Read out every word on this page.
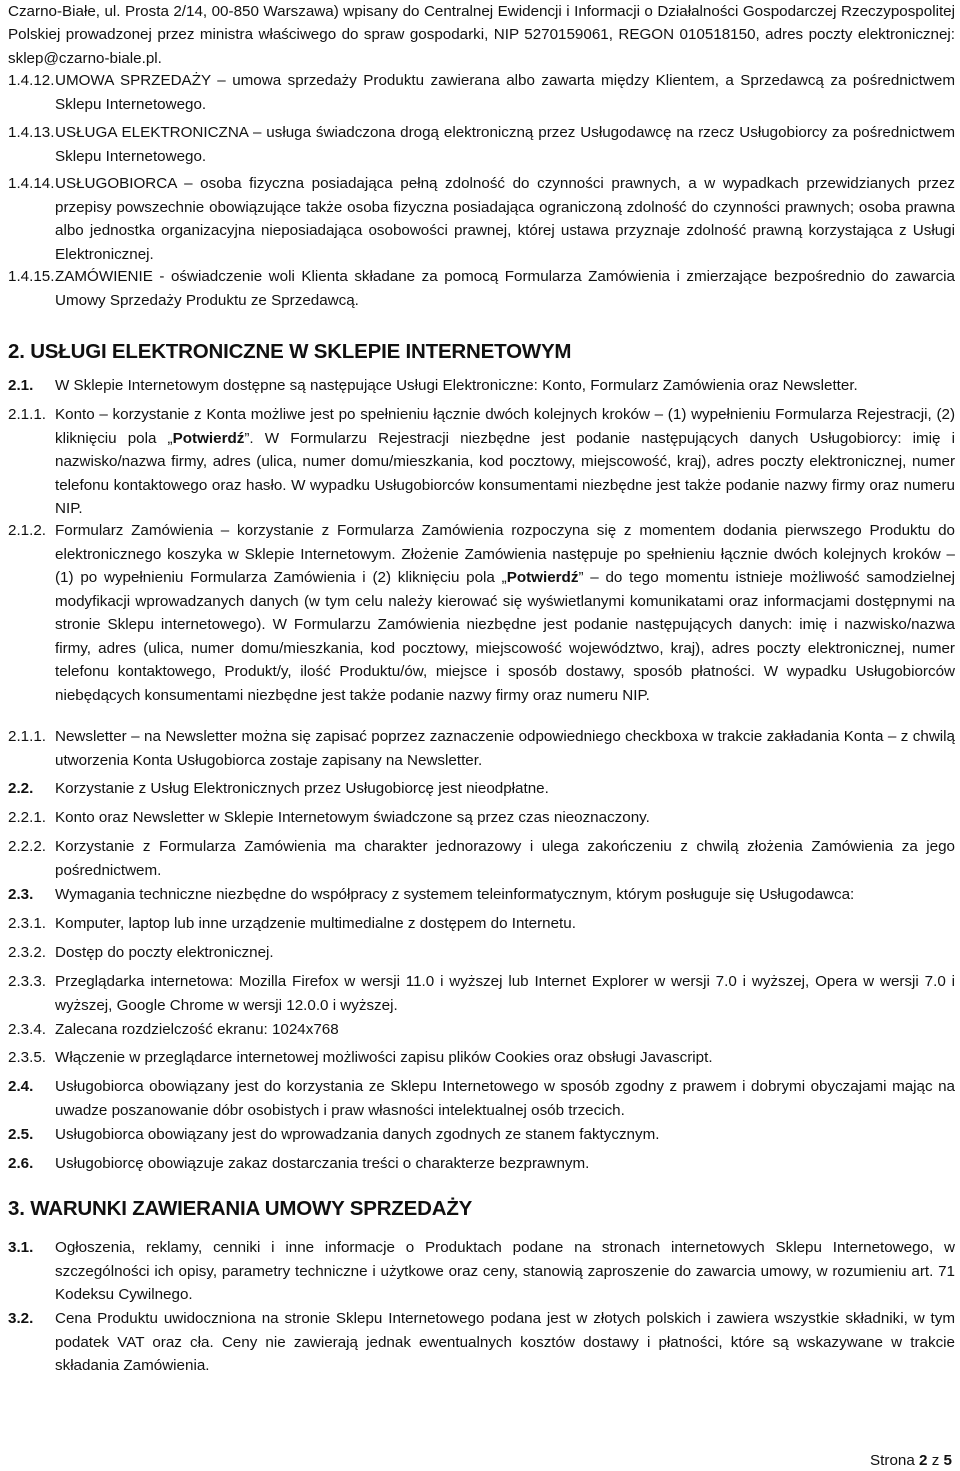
Czarno-Białe, ul. Prosta 2/14, 00-850 Warszawa) wpisany do Centralnej Ewidencji i Informacji o Działalności Gospodarczej Rzeczypospolitej Polskiej prowadzonej przez ministra właściwego do spraw gospodarki, NIP 5270159061, REGON 010518150, adres poczty elektronicznej: sklep@czarno-biale.pl.

1.4.12. UMOWA SPRZEDAŻY – umowa sprzedaży Produktu zawierana albo zawarta między Klientem, a Sprzedawcą za pośrednictwem Sklepu Internetowego.
1.4.13. USŁUGA ELEKTRONICZNA – usługa świadczona drogą elektroniczną przez Usługodawcę na rzecz Usługobiorcy za pośrednictwem Sklepu Internetowego.
1.4.14. USŁUGOBIORCA – osoba fizyczna posiadająca pełną zdolność do czynności prawnych, a w wypadkach przewidzianych przez przepisy powszechnie obowiązujące także osoba fizyczna posiadająca ograniczoną zdolność do czynności prawnych; osoba prawna albo jednostka organizacyjna nieposiadająca osobowości prawnej, której ustawa przyznaje zdolność prawną korzystająca z Usługi Elektronicznej.
1.4.15. ZAMÓWIENIE - oświadczenie woli Klienta składane za pomocą Formularza Zamówienia i zmierzające bezpośrednio do zawarcia Umowy Sprzedaży Produktu ze Sprzedawcą.
2. USŁUGI ELEKTRONICZNE W SKLEPIE INTERNETOWYM
2.1. W Sklepie Internetowym dostępne są następujące Usługi Elektroniczne: Konto, Formularz Zamówienia oraz Newsletter.
2.1.1. Konto – korzystanie z Konta możliwe jest po spełnieniu łącznie dwóch kolejnych kroków – (1) wypełnieniu Formularza Rejestracji, (2) kliknięciu pola „Potwierdź”. W Formularzu Rejestracji niezbędne jest podanie następujących danych Usługobiorcy: imię i nazwisko/nazwa firmy, adres (ulica, numer domu/mieszkania, kod pocztowy, miejscowość, kraj), adres poczty elektronicznej, numer telefonu kontaktowego oraz hasło. W wypadku Usługobiorców konsumentami niezbędne jest także podanie nazwy firmy oraz numeru NIP.
2.1.2. Formularz Zamówienia – korzystanie z Formularza Zamówienia rozpoczyna się z momentem dodania pierwszego Produktu do elektronicznego koszyka w Sklepie Internetowym. Złożenie Zamówienia następuje po spełnieniu łącznie dwóch kolejnych kroków – (1) po wypełnieniu Formularza Zamówienia i (2) kliknięciu pola „Potwierdź” – do tego momentu istnieje możliwość samodzielnej modyfikacji wprowadzanych danych (w tym celu należy kierować się wyświetlanymi komunikatami oraz informacjami dostępnymi na stronie Sklepu internetowego). W Formularzu Zamówienia niezbędne jest podanie następujących danych: imię i nazwisko/nazwa firmy, adres (ulica, numer domu/mieszkania, kod pocztowy, miejscowość województwo, kraj), adres poczty elektronicznej, numer telefonu kontaktowego, Produkt/y, ilość Produktu/ów, miejsce i sposób dostawy, sposób płatności. W wypadku Usługobiorców niebędących konsumentami niezbędne jest także podanie nazwy firmy oraz numeru NIP.
2.1.1. Newsletter – na Newsletter można się zapisać poprzez zaznaczenie odpowiedniego checkboxa w trakcie zakładania Konta – z chwilą utworzenia Konta Usługobiorca zostaje zapisany na Newsletter.
2.2. Korzystanie z Usług Elektronicznych przez Usługobiorcę jest nieodpłatne.
2.2.1. Konto oraz Newsletter w Sklepie Internetowym świadczone są przez czas nieoznaczony.
2.2.2. Korzystanie z Formularza Zamówienia ma charakter jednorazowy i ulega zakończeniu z chwilą złożenia Zamówienia za jego pośrednictwem.
2.3. Wymagania techniczne niezbędne do współpracy z systemem teleinformatycznym, którym posługuje się Usługodawca:
2.3.1. Komputer, laptop lub inne urządzenie multimedialne z dostępem do Internetu.
2.3.2. Dostęp do poczty elektronicznej.
2.3.3. Przeglądarka internetowa: Mozilla Firefox w wersji 11.0 i wyższej lub Internet Explorer w wersji 7.0 i wyższej, Opera w wersji 7.0 i wyższej, Google Chrome w wersji 12.0.0 i wyższej.
2.3.4. Zalecana rozdzielczość ekranu: 1024x768
2.3.5. Włączenie w przeglądarce internetowej możliwości zapisu plików Cookies oraz obsługi Javascript.
2.4. Usługobiorca obowiązany jest do korzystania ze Sklepu Internetowego w sposób zgodny z prawem i dobrymi obyczajami mając na uwadze poszanowanie dóbr osobistych i praw własności intelektualnej osób trzecich.
2.5. Usługobiorca obowiązany jest do wprowadzania danych zgodnych ze stanem faktycznym.
2.6. Usługobiorcę obowiązuje zakaz dostarczania treści o charakterze bezprawnym.
3. WARUNKI ZAWIERANIA UMOWY SPRZEDAŻY
3.1. Ogłoszenia, reklamy, cenniki i inne informacje o Produktach podane na stronach internetowych Sklepu Internetowego, w szczególności ich opisy, parametry techniczne i użytkowe oraz ceny, stanowią zaproszenie do zawarcia umowy, w rozumieniu art. 71 Kodeksu Cywilnego.
3.2. Cena Produktu uwidoczniona na stronie Sklepu Internetowego podana jest w złotych polskich i zawiera wszystkie składniki, w tym podatek VAT oraz cła. Ceny nie zawierają jednak ewentualnych kosztów dostawy i płatności, które są wskazywane w trakcie składania Zamówienia.
Strona 2 z 5
